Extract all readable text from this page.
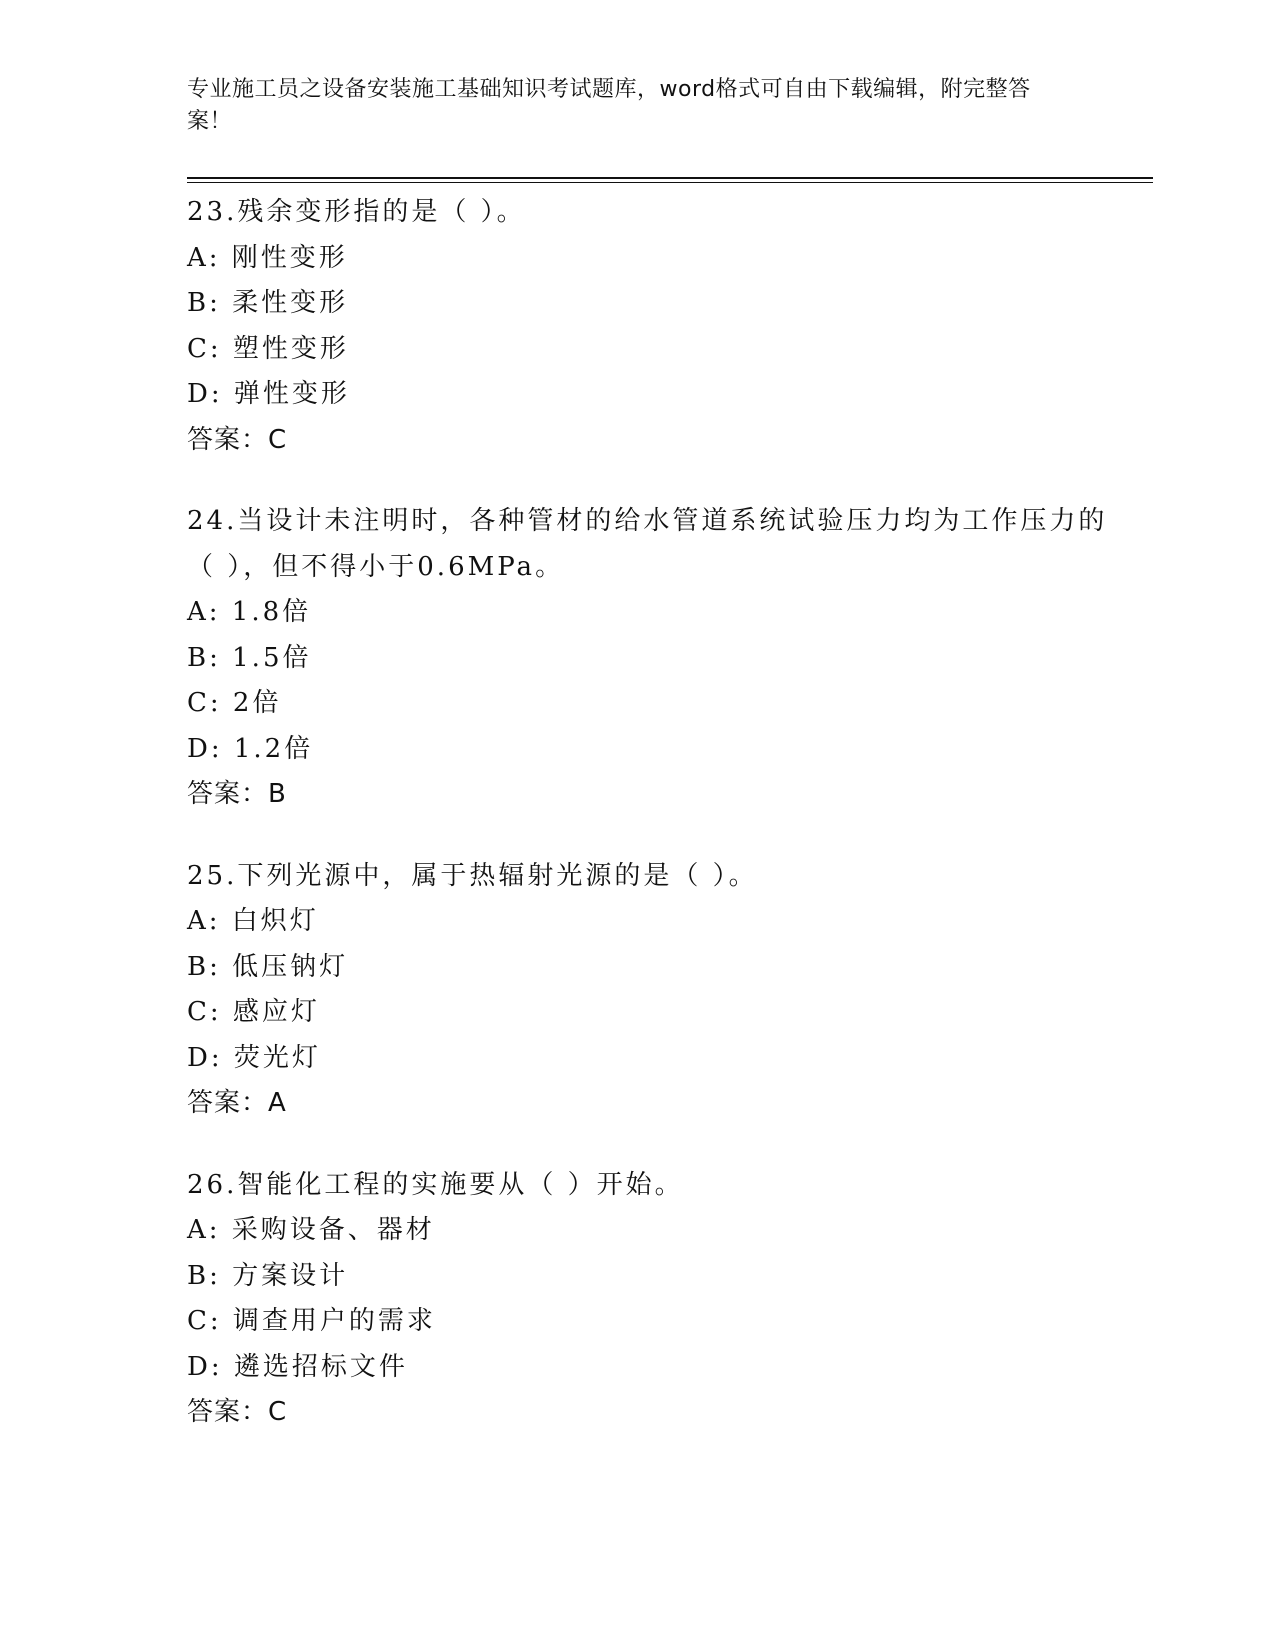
专业施工员之设备安装施工基础知识考试题库，word格式可自由下载编辑，附完整答案！
23.残余变形指的是（ ）。
A: 刚性变形
B: 柔性变形
C: 塑性变形
D: 弹性变形
答案：C
24.当设计未注明时，各种管材的给水管道系统试验压力均为工作压力的（ ），但不得小于0.6MPa。
A: 1.8倍
B: 1.5倍
C: 2倍
D: 1.2倍
答案：B
25.下列光源中，属于热辐射光源的是（ ）。
A: 白炽灯
B: 低压钠灯
C: 感应灯
D: 荧光灯
答案：A
26.智能化工程的实施要从（ ）开始。
A: 采购设备、器材
B: 方案设计
C: 调查用户的需求
D: 遴选招标文件
答案：C
